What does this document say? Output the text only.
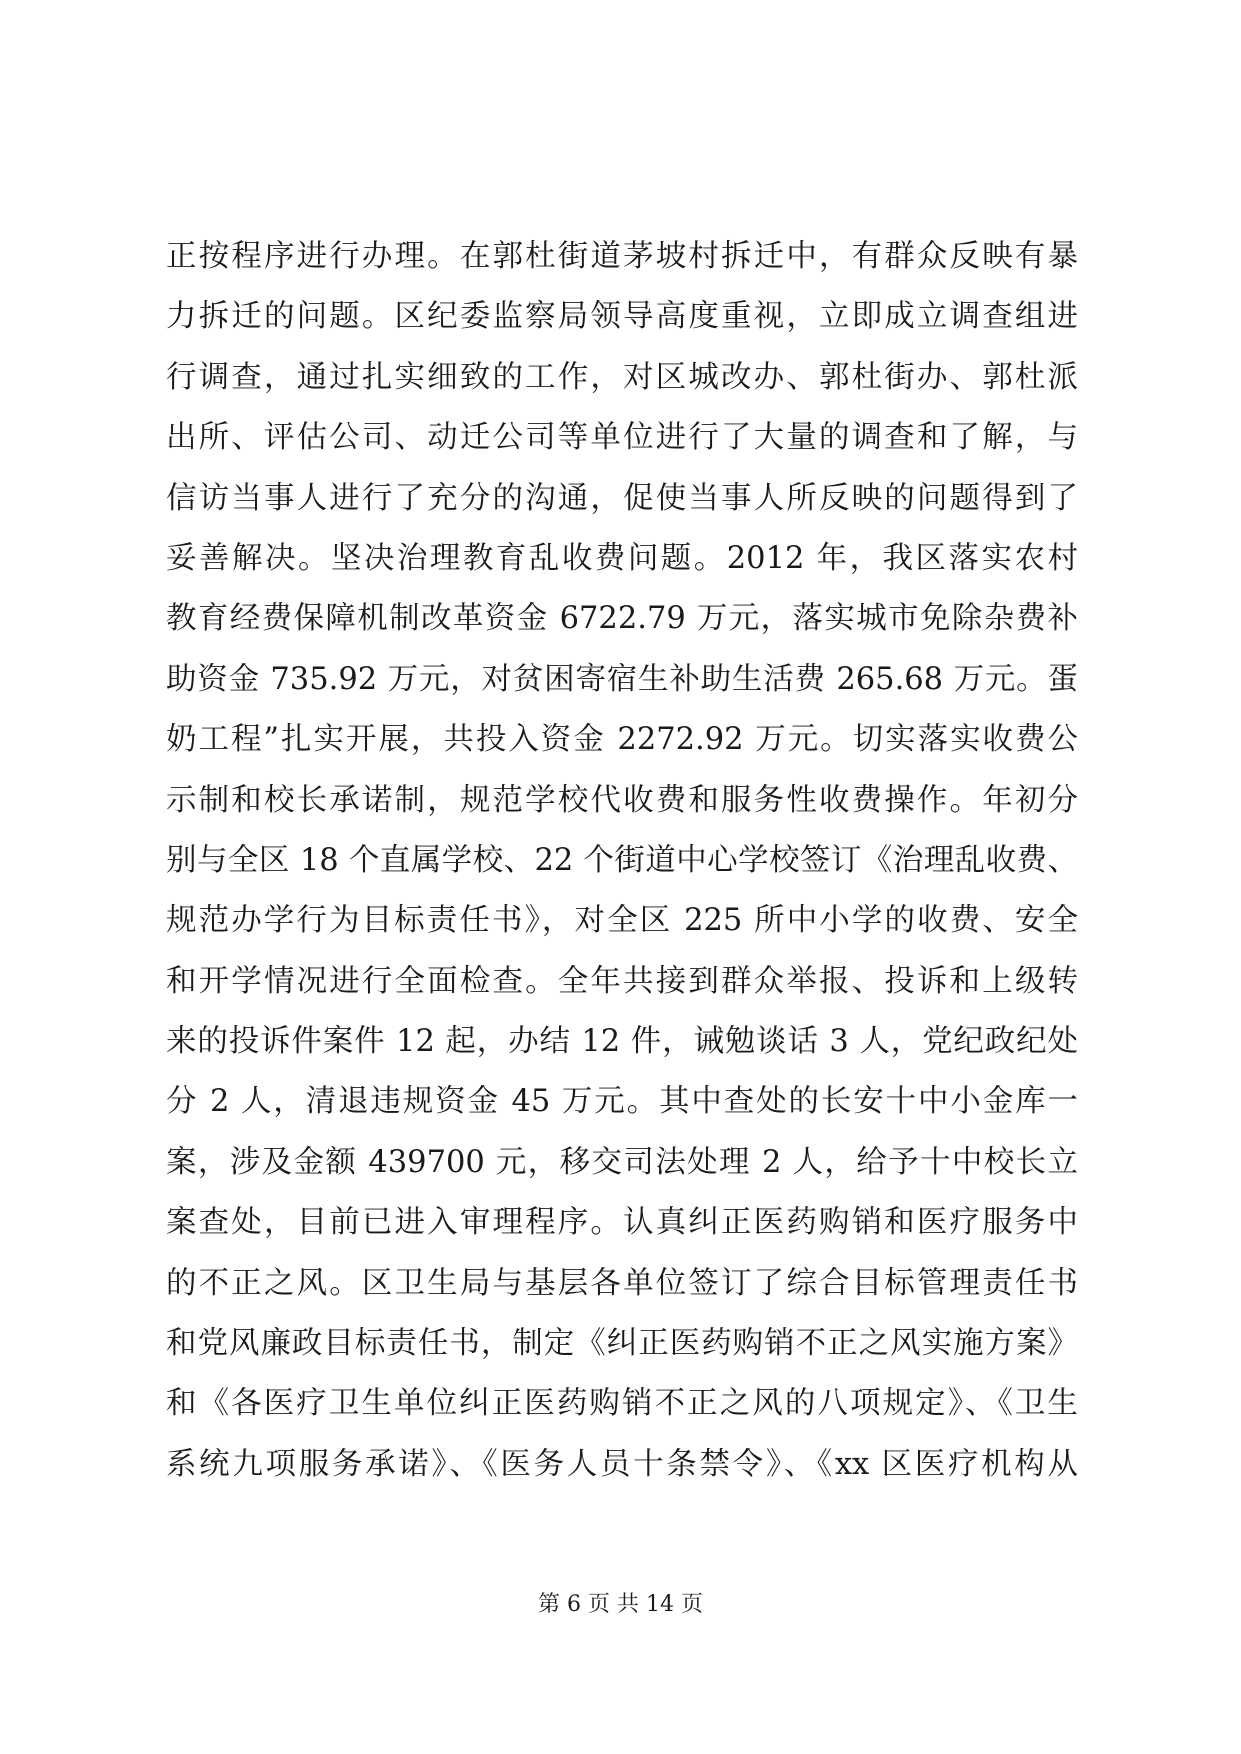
正按程序进行办理。在郭杜街道茅坡村拆迁中，有群众反映有暴
力拆迁的问题。区纪委监察局领导高度重视，立即成立调查组进
行调查，通过扎实细致的工作，对区城改办、郭杜街办、郭杜派
出所、评估公司、动迁公司等单位进行了大量的调查和了解，与
信访当事人进行了充分的沟通，促使当事人所反映的问题得到了
妥善解决。坚决治理教育乱收费问题。2012 年，我区落实农村
教育经费保障机制改革资金 6722.79 万元，落实城市免除杂费补
助资金 735.92 万元，对贫困寄宿生补助生活费 265.68 万元。蛋
奶工程”扎实开展，共投入资金 2272.92 万元。切实落实收费公
示制和校长承诺制，规范学校代收费和服务性收费操作。年初分
别与全区 18 个直属学校、22 个街道中心学校签订《治理乱收费、
规范办学行为目标责任书》，对全区 225 所中小学的收费、安全
和开学情况进行全面检查。全年共接到群众举报、投诉和上级转
来的投诉件案件 12 起，办结 12 件，诫勉谈话 3 人，党纪政纪处
分 2 人，清退违规资金 45 万元。其中查处的长安十中小金库一
案，涉及金额 439700 元，移交司法处理 2 人，给予十中校长立
案查处，目前已进入审理程序。认真纠正医药购销和医疗服务中
的不正之风。区卫生局与基层各单位签订了综合目标管理责任书
和党风廉政目标责任书，制定《纠正医药购销不正之风实施方案》
和《各医疗卫生单位纠正医药购销不正之风的八项规定》、《卫生
系统九项服务承诺》、《医务人员十条禁令》、《xx 区医疗机构从
第 6 页 共 14 页
